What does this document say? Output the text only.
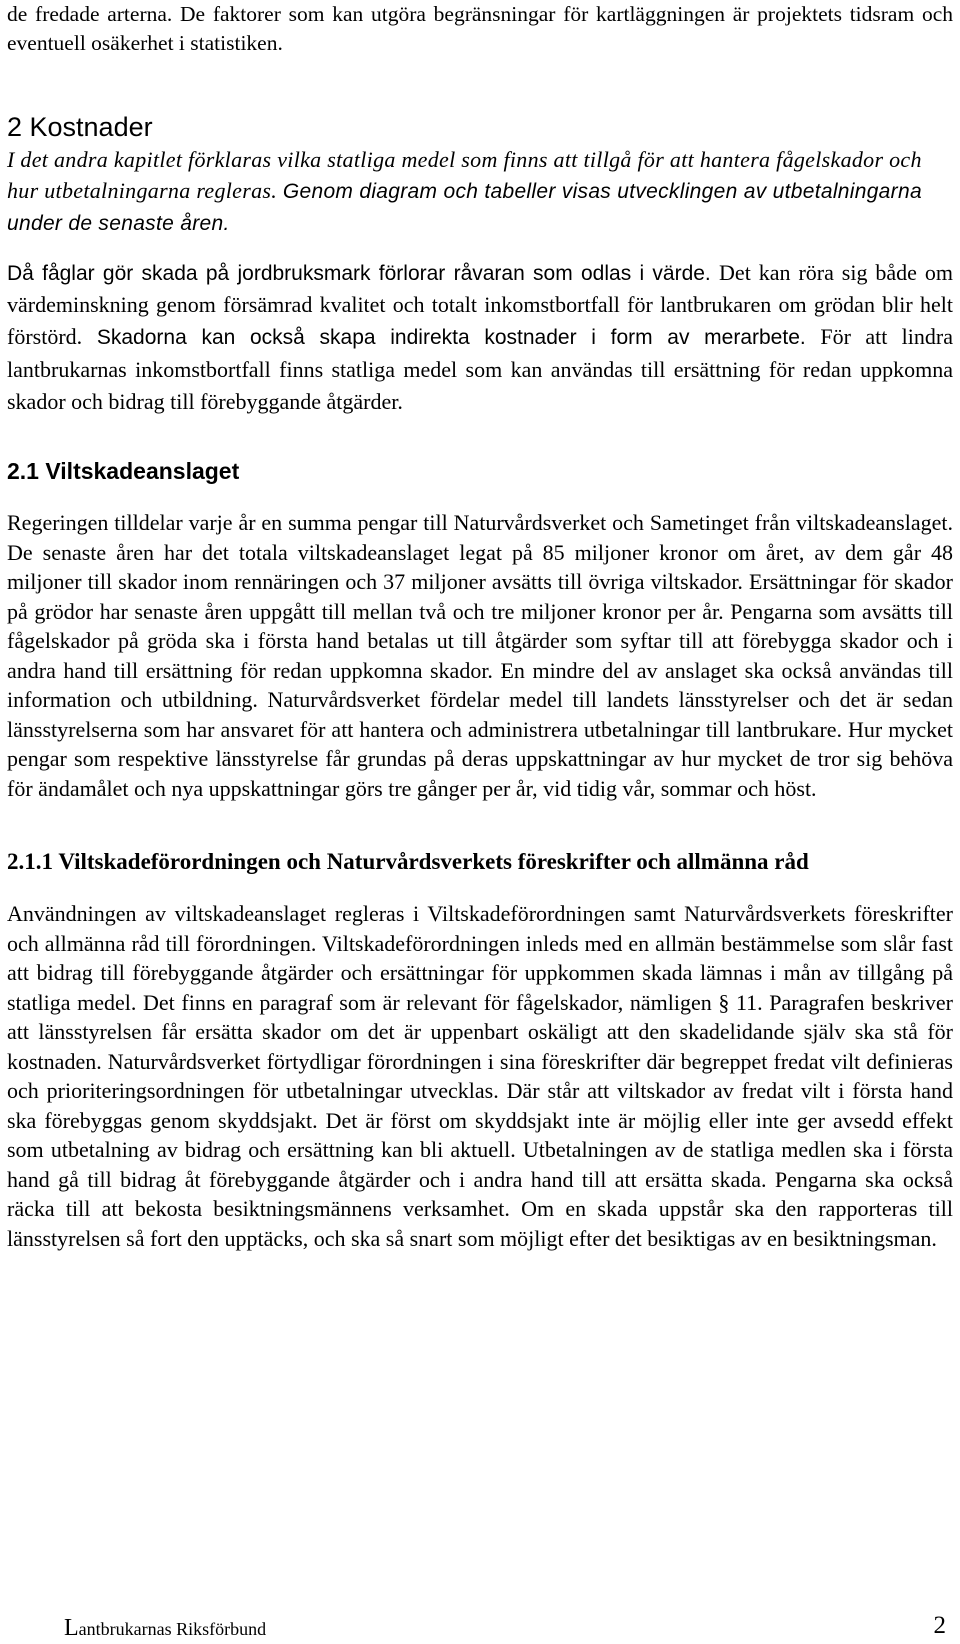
de fredade arterna. De faktorer som kan utgöra begränsningar för kartläggningen är projektets tidsram och eventuell osäkerhet i statistiken.

2 Kostnader

I det andra kapitlet förklaras vilka statliga medel som finns att tillgå för att hantera fågelskador och hur utbetalningarna regleras. Genom diagram och tabeller visas utvecklingen av utbetalningarna under de senaste åren.

Då fåglar gör skada på jordbruksmark förlorar råvaran som odlas i värde. Det kan röra sig både om värdeminskning genom försämrad kvalitet och totalt inkomstbortfall för lantbrukaren om grödan blir helt förstörd. Skadorna kan också skapa indirekta kostnader i form av merarbete. För att lindra lantbrukarnas inkomstbortfall finns statliga medel som kan användas till ersättning för redan uppkomna skador och bidrag till förebyggande åtgärder.

2.1 Viltskadeanslaget

Regeringen tilldelar varje år en summa pengar till Naturvårdsverket och Sametinget från viltskadeanslaget. De senaste åren har det totala viltskadeanslaget legat på 85 miljoner kronor om året, av dem går 48 miljoner till skador inom rennäringen och 37 miljoner avsätts till övriga viltskador. Ersättningar för skador på grödor har senaste åren uppgått till mellan två och tre miljoner kronor per år. Pengarna som avsätts till fågelskador på gröda ska i första hand betalas ut till åtgärder som syftar till att förebygga skador och i andra hand till ersättning för redan uppkomna skador. En mindre del av anslaget ska också användas till information och utbildning. Naturvårdsverket fördelar medel till landets länsstyrelser och det är sedan länsstyrelserna som har ansvaret för att hantera och administrera utbetalningar till lantbrukare. Hur mycket pengar som respektive länsstyrelse får grundas på deras uppskattningar av hur mycket de tror sig behöva för ändamålet och nya uppskattningar görs tre gånger per år, vid tidig vår, sommar och höst.

2.1.1 Viltskadeförordningen och Naturvårdsverkets föreskrifter och allmänna råd

Användningen av viltskadeanslaget regleras i Viltskadeförordningen samt Naturvårdsverkets föreskrifter och allmänna råd till förordningen. Viltskadeförordningen inleds med en allmän bestämmelse som slår fast att bidrag till förebyggande åtgärder och ersättningar för uppkommen skada lämnas i mån av tillgång på statliga medel. Det finns en paragraf som är relevant för fågelskador, nämligen § 11. Paragrafen beskriver att länsstyrelsen får ersätta skador om det är uppenbart oskäligt att den skadelidande själv ska stå för kostnaden. Naturvårdsverket förtydligar förordningen i sina föreskrifter där begreppet fredat vilt definieras och prioriteringsordningen för utbetalningar utvecklas. Där står att viltskador av fredat vilt i första hand ska förebyggas genom skyddsjakt. Det är först om skyddsjakt inte är möjlig eller inte ger avsedd effekt som utbetalning av bidrag och ersättning kan bli aktuell. Utbetalningen av de statliga medlen ska i första hand gå till bidrag åt förebyggande åtgärder och i andra hand till att ersätta skada. Pengarna ska också räcka till att bekosta besiktningsmännens verksamhet. Om en skada uppstår ska den rapporteras till länsstyrelsen så fort den upptäcks, och ska så snart som möjligt efter det besiktigas av en besiktningsman.

Lantbrukarnas Riksförbund	2
